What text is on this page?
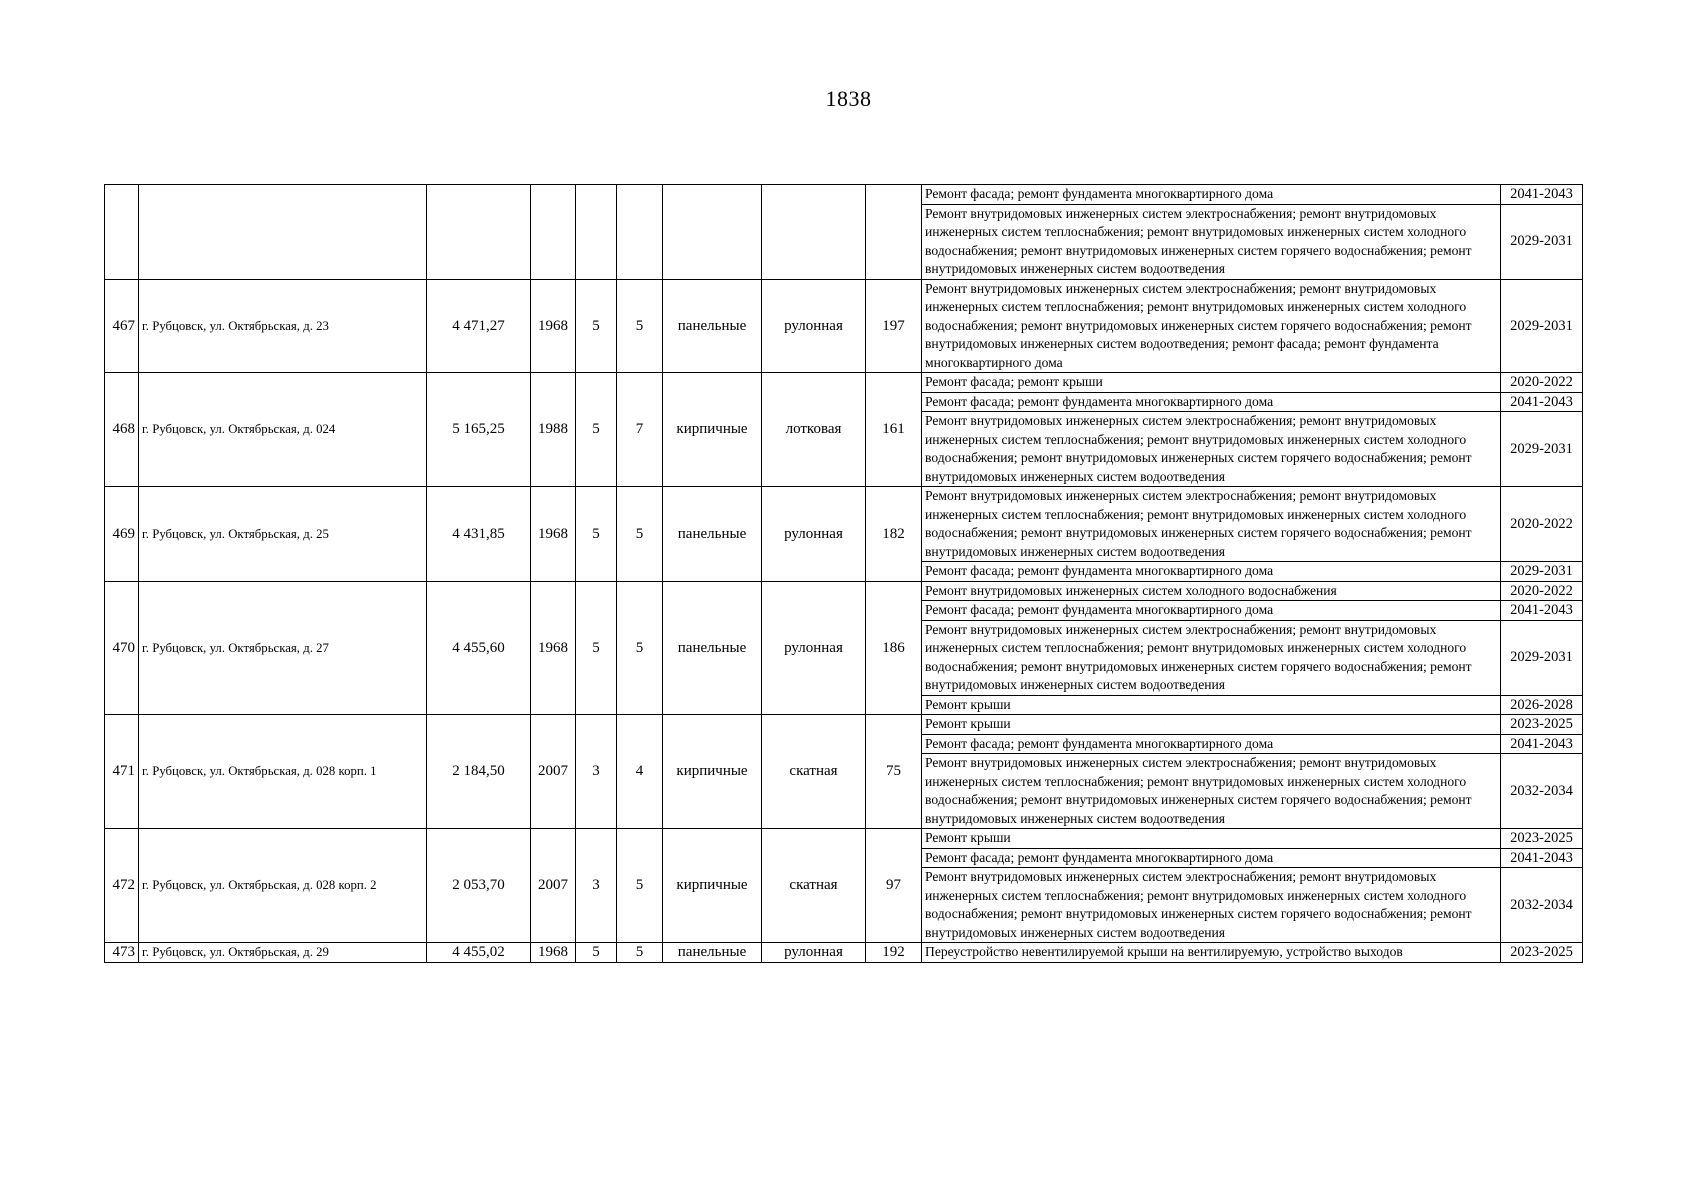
1838
									Ремонт фасада; ремонт фундамента многоквартирного дома	2041-2043
									Ремонт внутридомовых инженерных систем электроснабжения; ремонт внутридомовых инженерных систем теплоснабжения; ремонт внутридомовых инженерных систем холодного водоснабжения; ремонт внутридомовых инженерных систем горячего водоснабжения; ремонт внутридомовых инженерных систем водоотведения	2029-2031
467	г. Рубцовск, ул. Октябрьская, д. 23	4 471,27	1968	5	5	панельные	рулонная	197	Ремонт внутридомовых инженерных систем электроснабжения; ремонт внутридомовых инженерных систем теплоснабжения; ремонт внутридомовых инженерных систем холодного водоснабжения; ремонт внутридомовых инженерных систем горячего водоснабжения; ремонт внутридомовых инженерных систем водоотведения; ремонт фасада; ремонт фундамента многоквартирного дома	2029-2031
468	г. Рубцовск, ул. Октябрьская, д. 024	5 165,25	1988	5	7	кирпичные	лотковая	161	Ремонт фасада; ремонт крыши	2020-2022
									Ремонт фасада; ремонт фундамента многоквартирного дома	2041-2043
									Ремонт внутридомовых инженерных систем электроснабжения; ремонт внутридомовых инженерных систем теплоснабжения; ремонт внутридомовых инженерных систем холодного водоснабжения; ремонт внутридомовых инженерных систем горячего водоснабжения; ремонт внутридомовых инженерных систем водоотведения	2029-2031
469	г. Рубцовск, ул. Октябрьская, д. 25	4 431,85	1968	5	5	панельные	рулонная	182	Ремонт внутридомовых инженерных систем электроснабжения; ремонт внутридомовых инженерных систем теплоснабжения; ремонт внутридомовых инженерных систем холодного водоснабжения; ремонт внутридомовых инженерных систем горячего водоснабжения; ремонт внутридомовых инженерных систем водоотведения	2020-2022
									Ремонт фасада; ремонт фундамента многоквартирного дома	2029-2031
470	г. Рубцовск, ул. Октябрьская, д. 27	4 455,60	1968	5	5	панельные	рулонная	186	Ремонт внутридомовых инженерных систем холодного водоснабжения	2020-2022
									Ремонт фасада; ремонт фундамента многоквартирного дома	2041-2043
									Ремонт внутридомовых инженерных систем электроснабжения; ремонт внутридомовых инженерных систем теплоснабжения; ремонт внутридомовых инженерных систем холодного водоснабжения; ремонт внутридомовых инженерных систем горячего водоснабжения; ремонт внутридомовых инженерных систем водоотведения	2029-2031
									Ремонт крыши	2026-2028
471	г. Рубцовск, ул. Октябрьская, д. 028 корп. 1	2 184,50	2007	3	4	кирпичные	скатная	75	Ремонт крыши	2023-2025
									Ремонт фасада; ремонт фундамента многоквартирного дома	2041-2043
									Ремонт внутридомовых инженерных систем электроснабжения; ремонт внутридомовых инженерных систем теплоснабжения; ремонт внутридомовых инженерных систем холодного водоснабжения; ремонт внутридомовых инженерных систем горячего водоснабжения; ремонт внутридомовых инженерных систем водоотведения	2032-2034
472	г. Рубцовск, ул. Октябрьская, д. 028 корп. 2	2 053,70	2007	3	5	кирпичные	скатная	97	Ремонт крыши	2023-2025
									Ремонт фасада; ремонт фундамента многоквартирного дома	2041-2043
									Ремонт внутридомовых инженерных систем электроснабжения; ремонт внутридомовых инженерных систем теплоснабжения; ремонт внутридомовых инженерных систем холодного водоснабжения; ремонт внутридомовых инженерных систем горячего водоснабжения; ремонт внутридомовых инженерных систем водоотведения	2032-2034
473	г. Рубцовск, ул. Октябрьская, д. 29	4 455,02	1968	5	5	панельные	рулонная	192	Переустройство невентилируемой крыши на вентилируемую, устройство выходов	2023-2025
